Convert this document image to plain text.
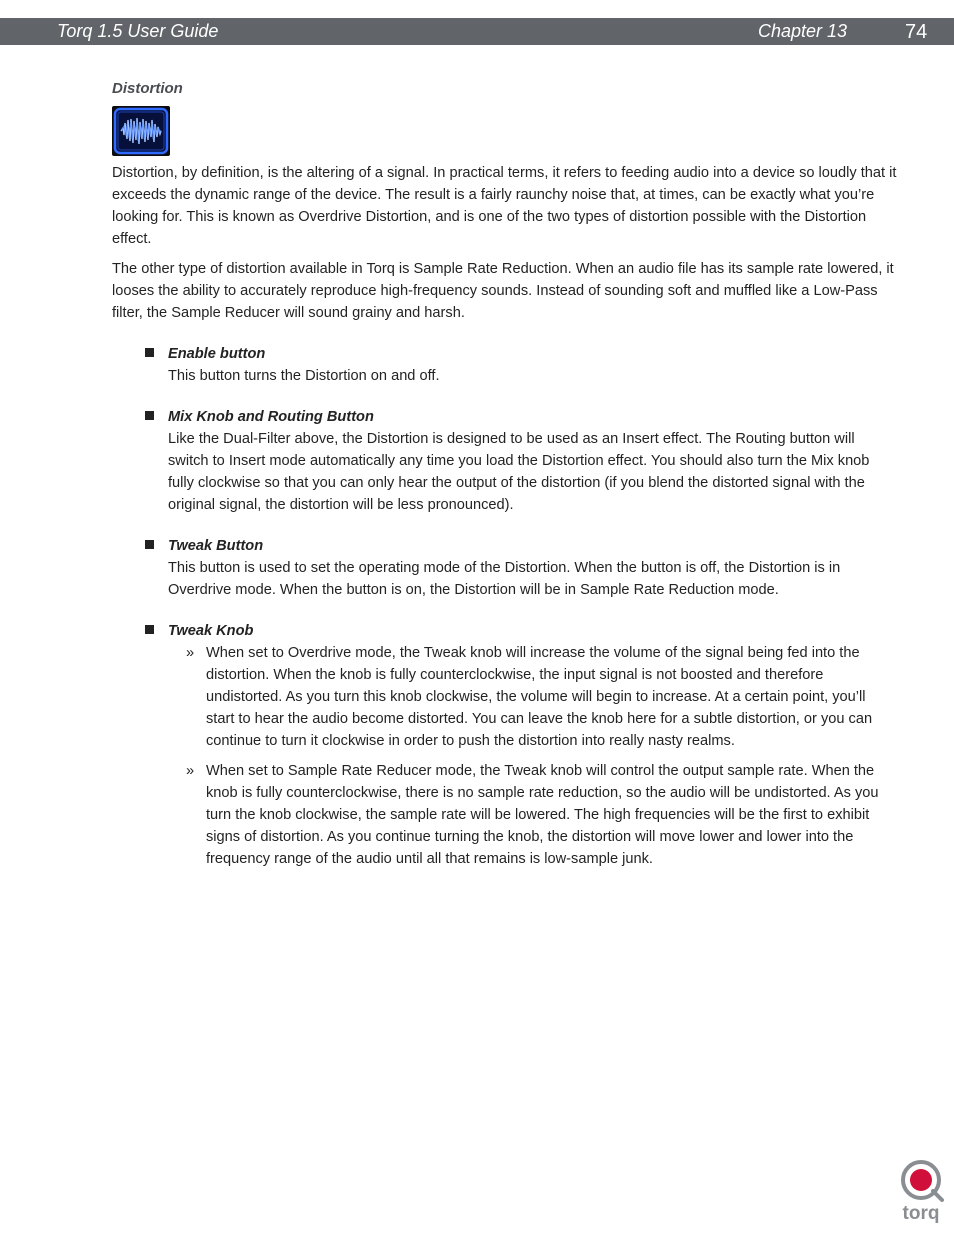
Torq 1.5 User Guide	Chapter 13	74
Distortion

Distortion, by definition, is the altering of a signal. In practical terms, it refers to feeding audio into a device so loudly that it exceeds the dynamic range of the device. The result is a fairly raunchy noise that, at times, can be exactly what you’re looking for. This is known as Overdrive Distortion, and is one of the two types of distortion possible with the Distortion effect.

The other type of distortion available in Torq is Sample Rate Reduction. When an audio file has its sample rate lowered, it looses the ability to accurately reproduce high-frequency sounds. Instead of sounding soft and muffled like a Low-Pass filter, the Sample Reducer will sound grainy and harsh.

Enable button

This button turns the Distortion on and off.

Mix Knob and Routing Button

Like the Dual-Filter above, the Distortion is designed to be used as an Insert effect. The Routing button will switch to Insert mode automatically any time you load the Distortion effect. You should also turn the Mix knob fully clockwise so that you can only hear the output of the distortion (if you blend the distorted signal with the original signal, the distortion will be less pronounced).

Tweak Button

This button is used to set the operating mode of the Distortion. When the button is off, the Distortion is in Overdrive mode. When the button is on, the Distortion will be in Sample Rate Reduction mode.

Tweak Knob
» When set to Overdrive mode, the Tweak knob will increase the volume of the signal being fed into the distortion. When the knob is fully counterclockwise, the input signal is not boosted and therefore undistorted. As you turn this knob clockwise, the volume will begin to increase. At a certain point, you’ll start to hear the audio become distorted. You can leave the knob here for a subtle distortion, or you can continue to turn it clockwise in order to push the distortion into really nasty realms.
» When set to Sample Rate Reducer mode, the Tweak knob will control the output sample rate. When the knob is fully counterclockwise, there is no sample rate reduction, so the audio will be undistorted. As you turn the knob clockwise, the sample rate will be lowered. The high frequencies will be the first to exhibit signs of distortion. As you continue turning the knob, the distortion will move lower and lower into the frequency range of the audio until all that remains is low-sample junk.
torq
